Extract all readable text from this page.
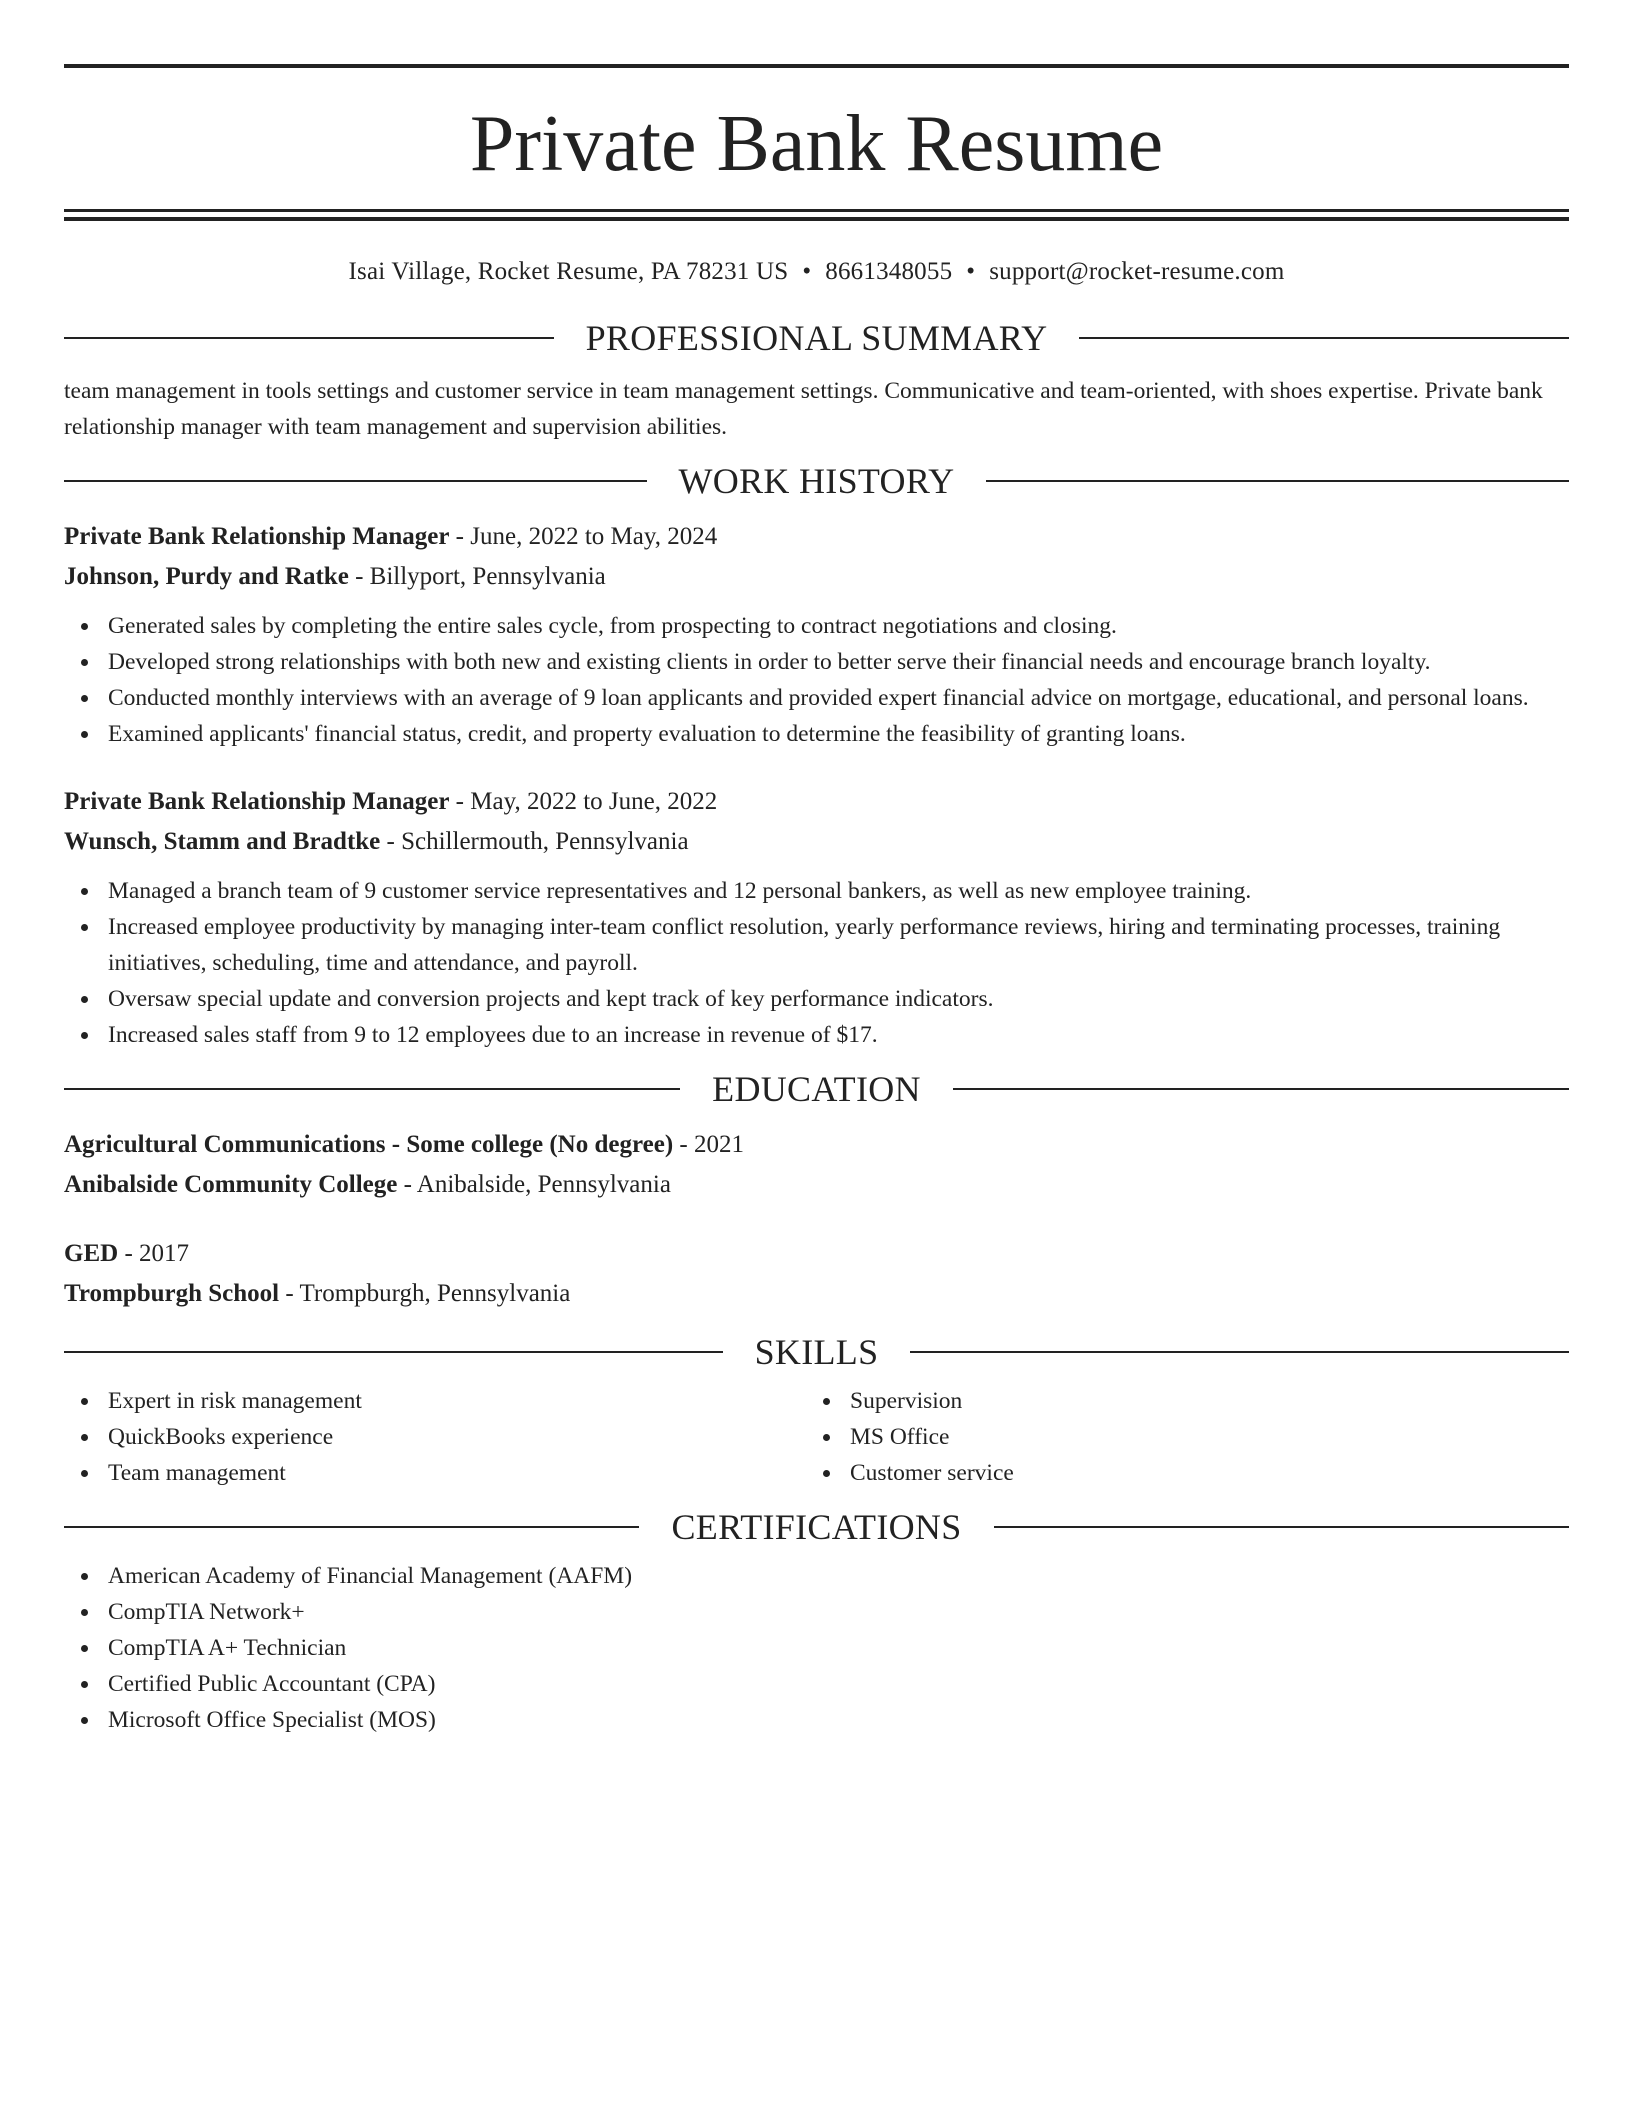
Private Bank Resume
Isai Village, Rocket Resume, PA 78231 US • 8661348055 • support@rocket-resume.com
PROFESSIONAL SUMMARY

team management in tools settings and customer service in team management settings. Communicative and team-oriented, with shoes expertise. Private bank relationship manager with team management and supervision abilities.

WORK HISTORY
Private Bank Relationship Manager - June, 2022 to May, 2024
Johnson, Purdy and Ratke - Billyport, Pennsylvania
Generated sales by completing the entire sales cycle, from prospecting to contract negotiations and closing.
Developed strong relationships with both new and existing clients in order to better serve their financial needs and encourage branch loyalty.
Conducted monthly interviews with an average of 9 loan applicants and provided expert financial advice on mortgage, educational, and personal loans.
Examined applicants' financial status, credit, and property evaluation to determine the feasibility of granting loans.
Private Bank Relationship Manager - May, 2022 to June, 2022
Wunsch, Stamm and Bradtke - Schillermouth, Pennsylvania
Managed a branch team of 9 customer service representatives and 12 personal bankers, as well as new employee training.
Increased employee productivity by managing inter-team conflict resolution, yearly performance reviews, hiring and terminating processes, training initiatives, scheduling, time and attendance, and payroll.
Oversaw special update and conversion projects and kept track of key performance indicators.
Increased sales staff from 9 to 12 employees due to an increase in revenue of $17.
EDUCATION
Agricultural Communications - Some college (No degree) - 2021
Anibalside Community College - Anibalside, Pennsylvania
GED - 2017
Trompburgh School - Trompburgh, Pennsylvania
SKILLS
Expert in risk management
QuickBooks experience
Team management
Supervision
MS Office
Customer service
CERTIFICATIONS
American Academy of Financial Management (AAFM)
CompTIA Network+
CompTIA A+ Technician
Certified Public Accountant (CPA)
Microsoft Office Specialist (MOS)
